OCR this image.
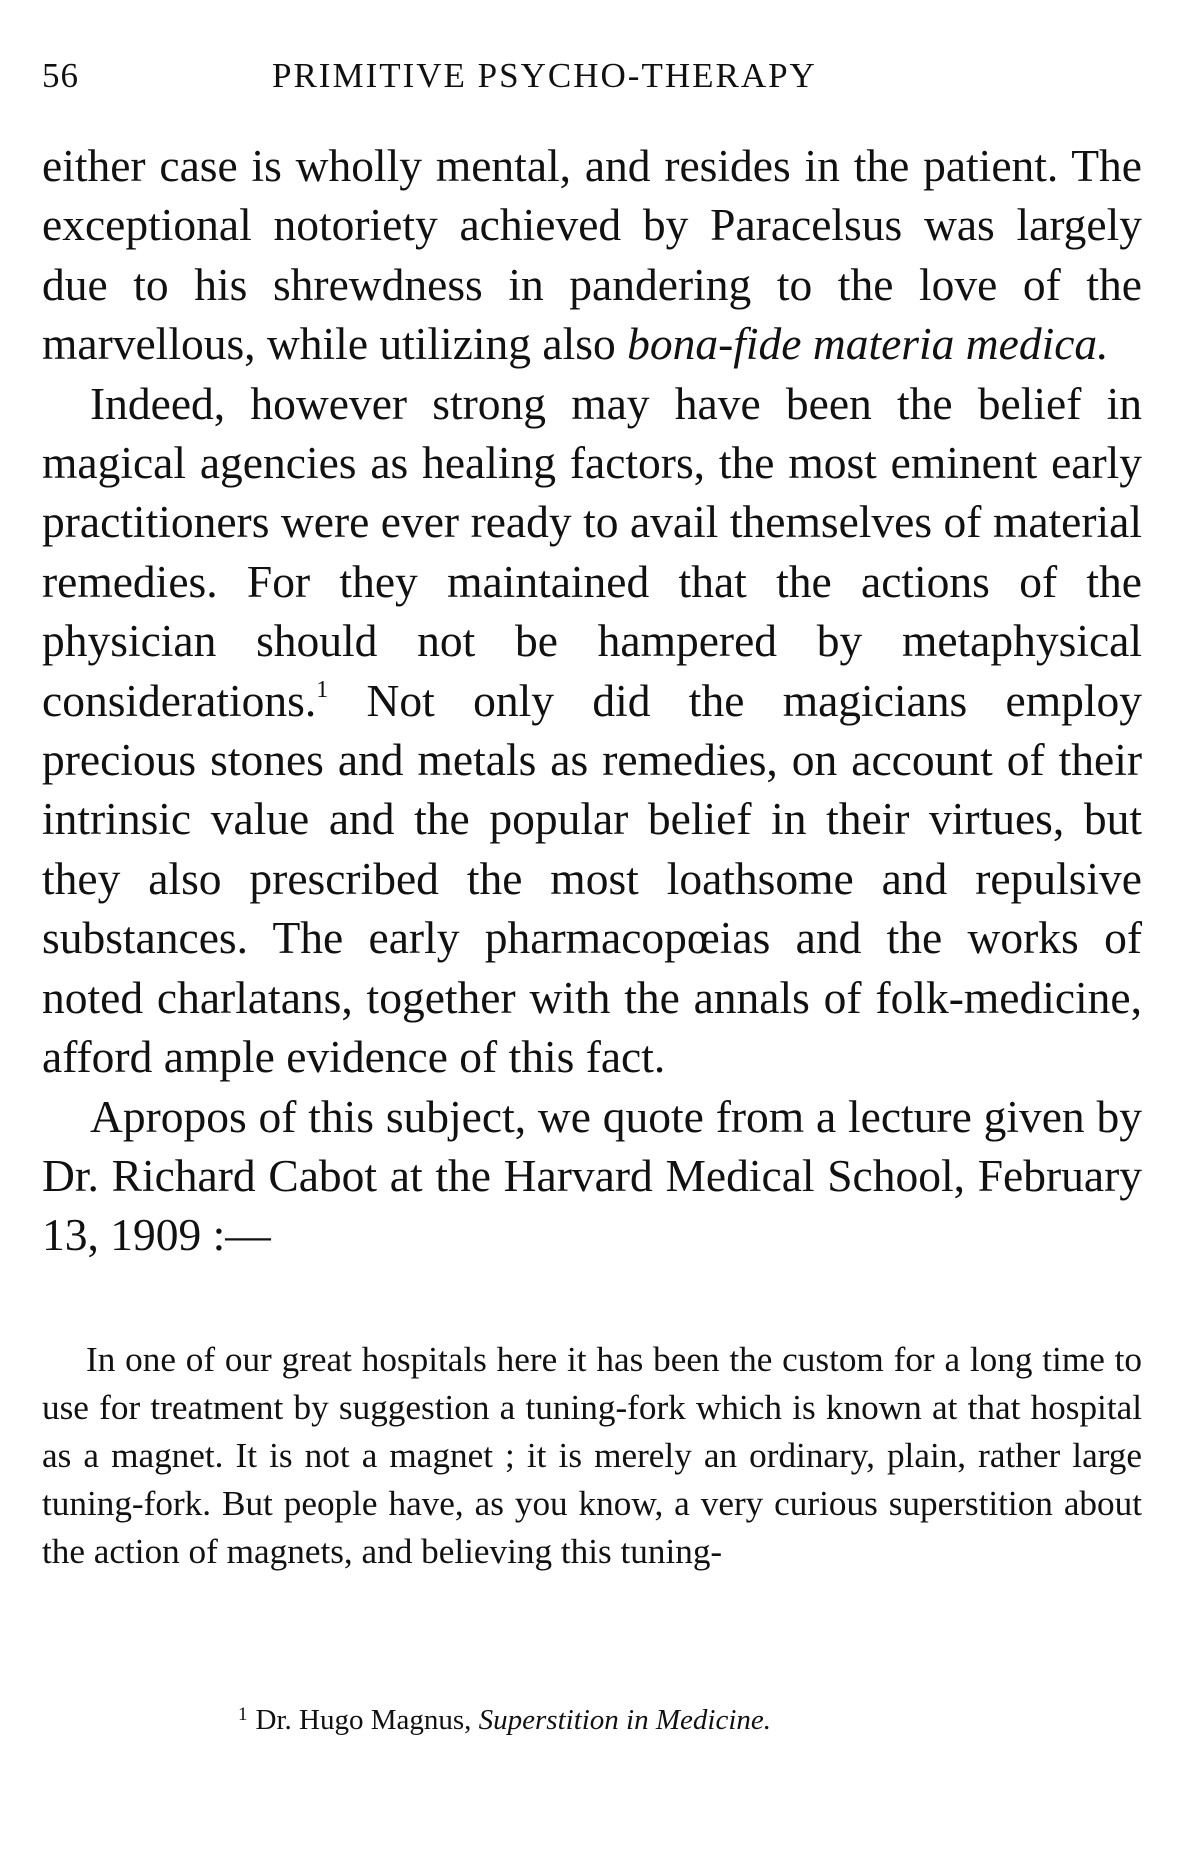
56	PRIMITIVE PSYCHO-THERAPY

either case is wholly mental, and resides in the patient. The exceptional notoriety achieved by Paracelsus was largely due to his shrewdness in pandering to the love of the marvellous, while utilizing also bona-fide materia medica.

Indeed, however strong may have been the belief in magical agencies as healing factors, the most eminent early practitioners were ever ready to avail themselves of material remedies. For they maintained that the actions of the physician should not be hampered by metaphysical considerations.$^1$ Not only did the magicians employ precious stones and metals as remedies, on account of their intrinsic value and the popular belief in their virtues, but they also prescribed the most loathsome and repulsive substances. The early pharmacopœias and the works of noted charlatans, together with the annals of folk-medicine, afford ample evidence of this fact.

Apropos of this subject, we quote from a lecture given by Dr. Richard Cabot at the Harvard Medical School, February 13, 1909 :—

In one of our great hospitals here it has been the custom for a long time to use for treatment by suggestion a tuning-fork which is known at that hospital as a magnet. It is not a magnet ; it is merely an ordinary, plain, rather large tuning-fork. But people have, as you know, a very curious superstition about the action of magnets, and believing this tuning-

$^1$ Dr. Hugo Magnus, Superstition in Medicine.
